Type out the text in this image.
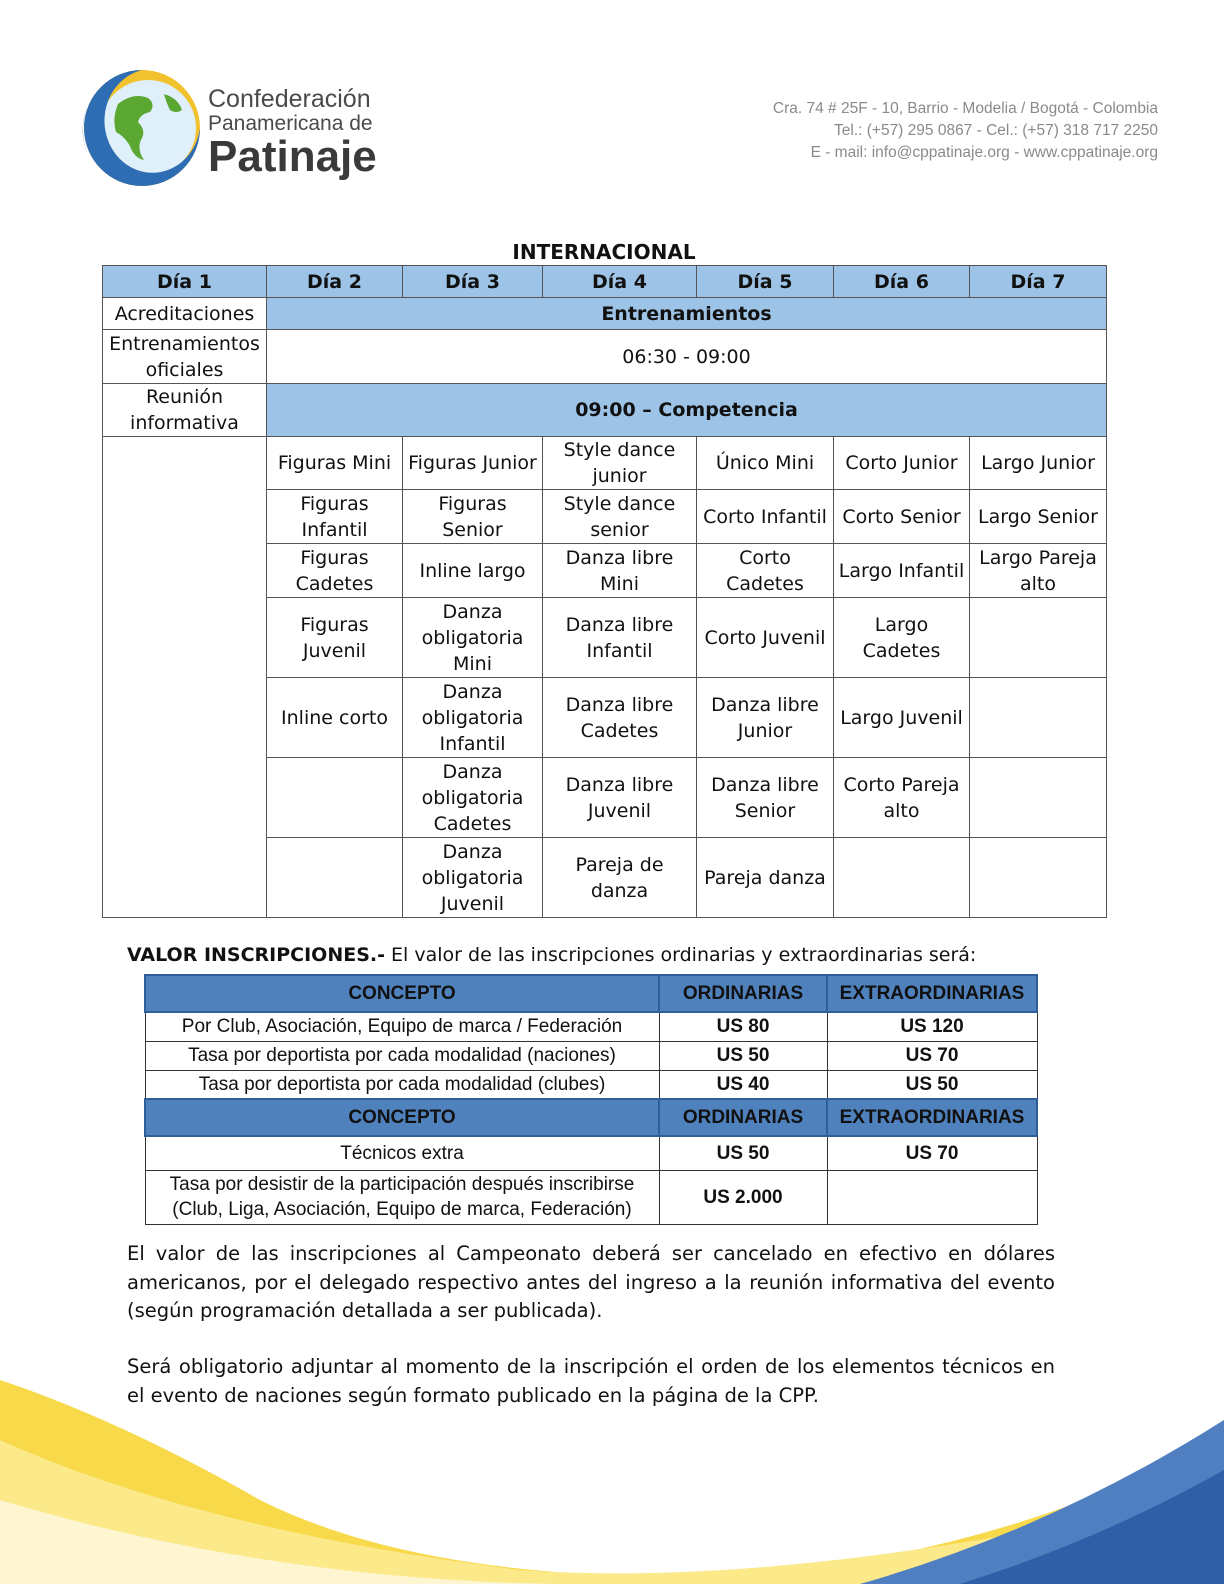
Confederación
Panamericana de
Patinaje
Cra. 74 # 25F - 10, Barrio - Modelia / Bogotá - Colombia
Tel.: (+57) 295 0867 - Cel.: (+57) 318 717 2250
E - mail: info@cppatinaje.org - www.cppatinaje.org
INTERNACIONAL
Día 1	Día 2	Día 3	Día 4	Día 5	Día 6	Día 7
Acreditaciones	Entrenamientos					
Entrenamientos oficiales	06:30 - 09:00					
Reunión informativa	09:00 – Competencia					
	Figuras Mini	Figuras Junior	Style dance junior	Único Mini	Corto Junior	Largo Junior
	Figuras Infantil	Figuras Senior	Style dance senior	Corto Infantil	Corto Senior	Largo Senior
	Figuras Cadetes	Inline largo	Danza libre Mini	Corto Cadetes	Largo Infantil	Largo Pareja alto
	Figuras Juvenil	Danza obligatoria Mini	Danza libre Infantil	Corto Juvenil	Largo Cadetes	
	Inline corto	Danza obligatoria Infantil	Danza libre Cadetes	Danza libre Junior	Largo Juvenil	
		Danza obligatoria Cadetes	Danza libre Juvenil	Danza libre Senior	Corto Pareja alto	
		Danza obligatoria Juvenil	Pareja de danza	Pareja danza		
VALOR INSCRIPCIONES.- El valor de las inscripciones ordinarias y extraordinarias será:
CONCEPTO	ORDINARIAS	EXTRAORDINARIAS
Por Club, Asociación, Equipo de marca / Federación	US 80	US 120
Tasa por deportista por cada modalidad (naciones)	US 50	US 70
Tasa por deportista por cada modalidad (clubes)	US 40	US 50
CONCEPTO	ORDINARIAS	EXTRAORDINARIAS
Técnicos extra	US 50	US 70
Tasa por desistir de la participación después inscribirse (Club, Liga, Asociación, Equipo de marca, Federación)	US 2.000	

El valor de las inscripciones al Campeonato deberá ser cancelado en efectivo en dólares americanos, por el delegado respectivo antes del ingreso a la reunión informativa del evento (según programación detallada a ser publicada).

Será obligatorio adjuntar al momento de la inscripción el orden de los elementos técnicos en el evento de naciones según formato publicado en la página de la CPP.
